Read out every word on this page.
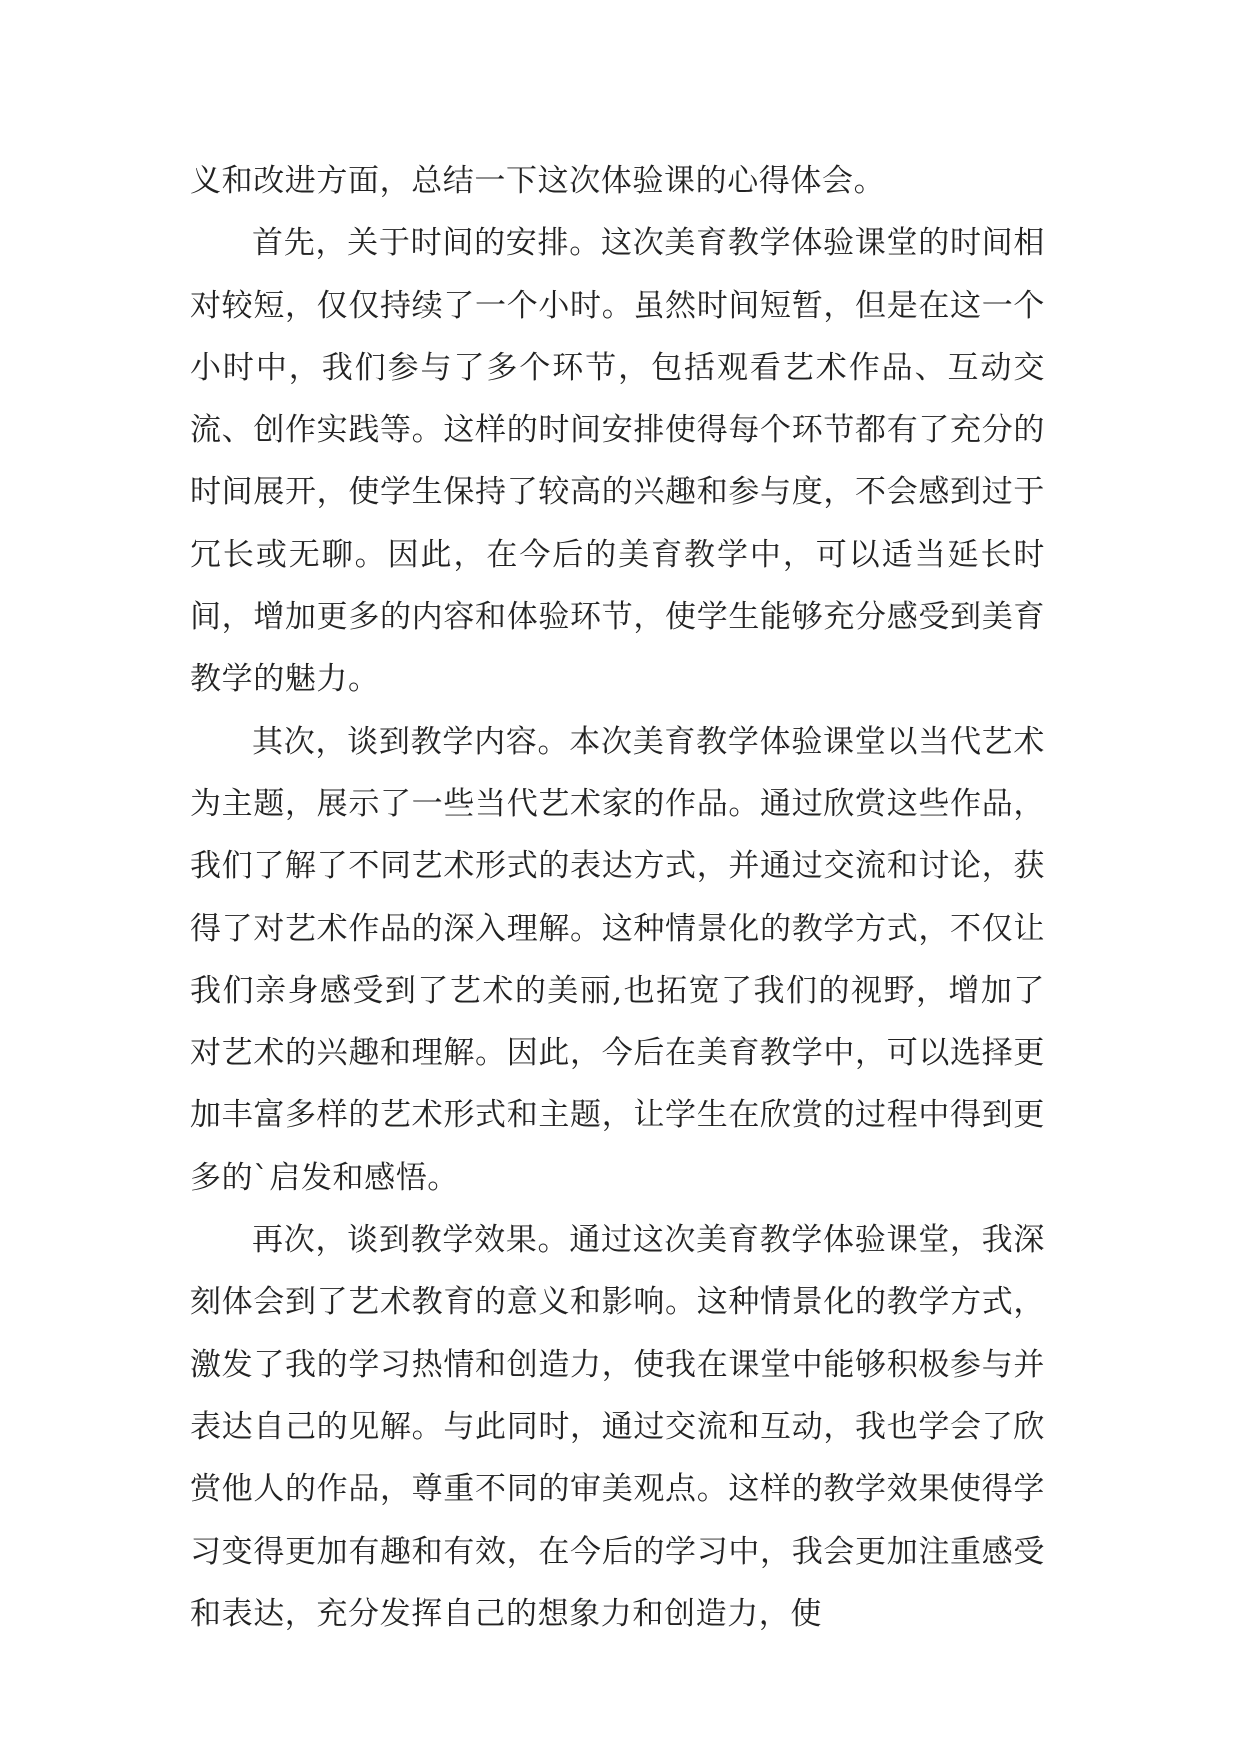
义和改进方面，总结一下这次体验课的心得体会。

首先，关于时间的安排。这次美育教学体验课堂的时间相对较短，仅仅持续了一个小时。虽然时间短暂，但是在这一个小时中，我们参与了多个环节，包括观看艺术作品、互动交流、创作实践等。这样的时间安排使得每个环节都有了充分的时间展开，使学生保持了较高的兴趣和参与度，不会感到过于冗长或无聊。因此，在今后的美育教学中，可以适当延长时间，增加更多的内容和体验环节，使学生能够充分感受到美育教学的魅力。

其次，谈到教学内容。本次美育教学体验课堂以当代艺术为主题，展示了一些当代艺术家的作品。通过欣赏这些作品，我们了解了不同艺术形式的表达方式，并通过交流和讨论，获得了对艺术作品的深入理解。这种情景化的教学方式，不仅让我们亲身感受到了艺术的美丽,也拓宽了我们的视野，增加了对艺术的兴趣和理解。因此，今后在美育教学中，可以选择更加丰富多样的艺术形式和主题，让学生在欣赏的过程中得到更多的`启发和感悟。

再次，谈到教学效果。通过这次美育教学体验课堂，我深刻体会到了艺术教育的意义和影响。这种情景化的教学方式，激发了我的学习热情和创造力，使我在课堂中能够积极参与并表达自己的见解。与此同时，通过交流和互动，我也学会了欣赏他人的作品，尊重不同的审美观点。这样的教学效果使得学习变得更加有趣和有效，在今后的学习中，我会更加注重感受和表达，充分发挥自己的想象力和创造力，使
